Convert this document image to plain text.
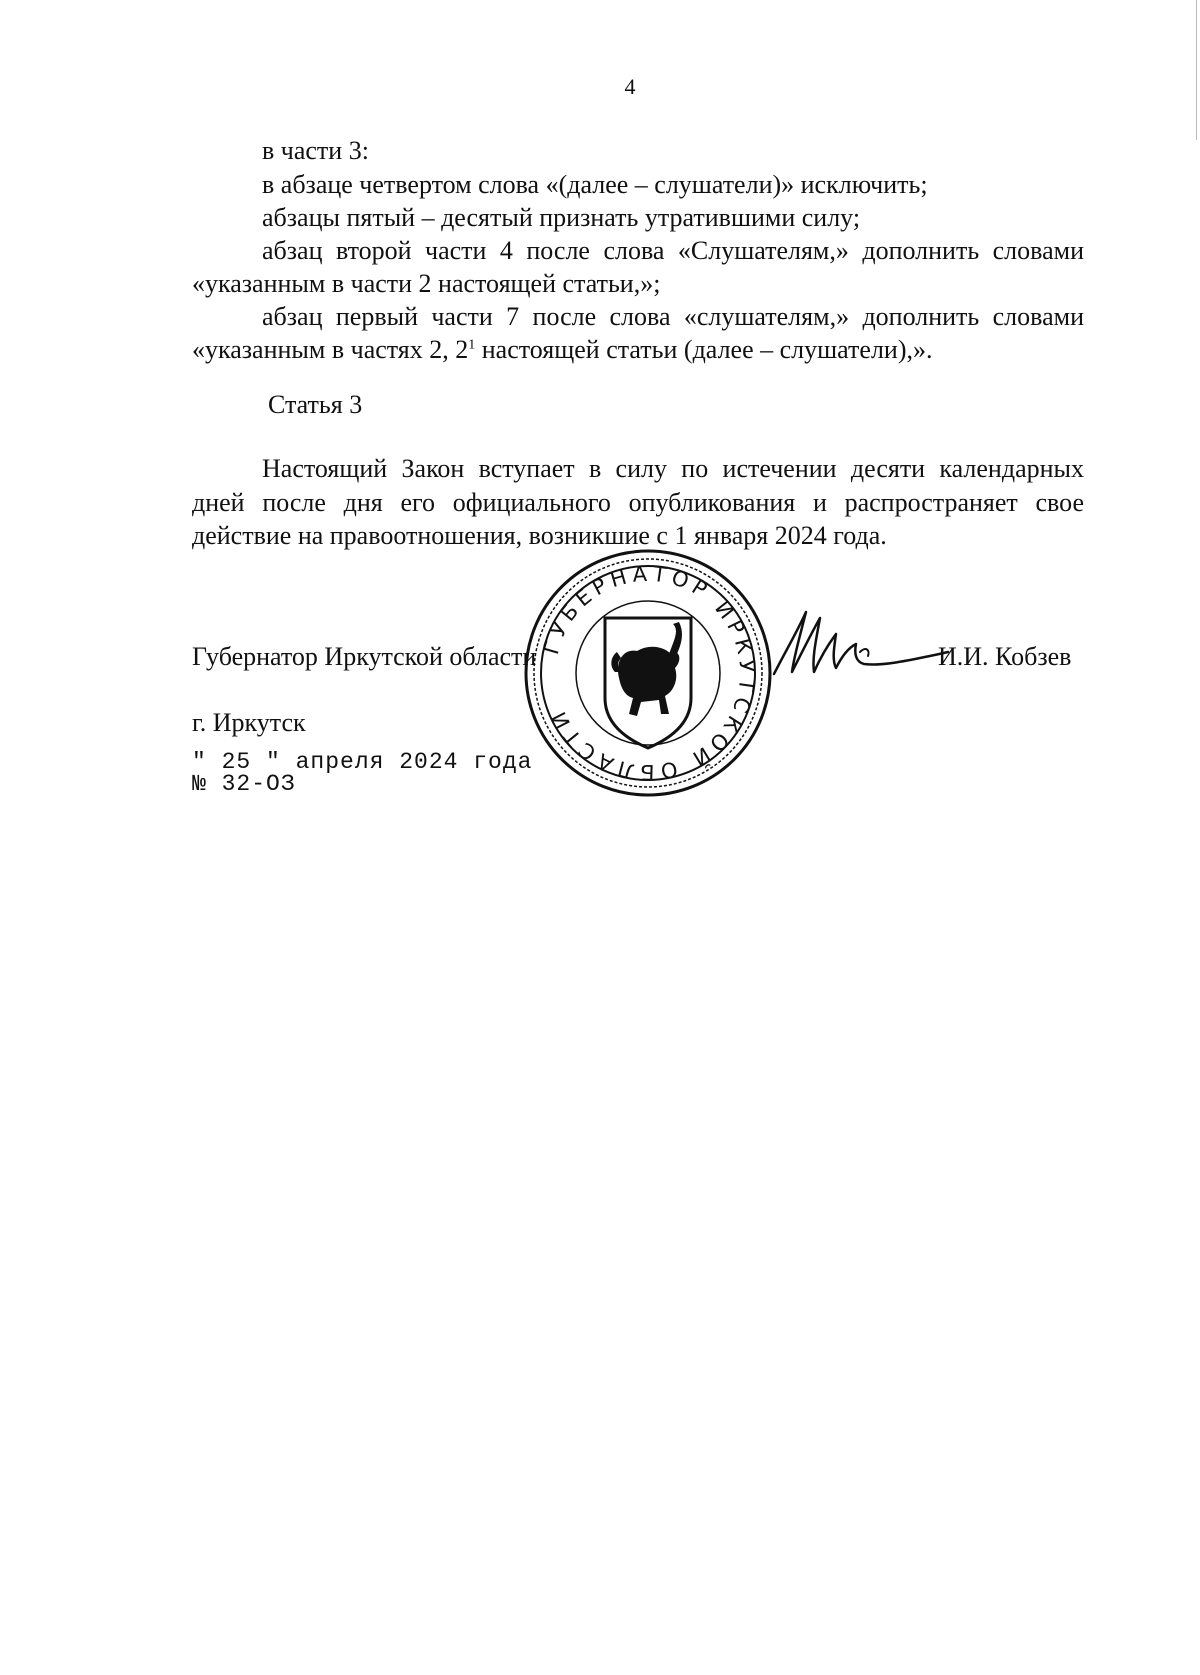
4
в части 3:
в абзаце четвертом слова «(далее – слушатели)» исключить;
абзацы пятый – десятый признать утратившими силу;
абзац второй части 4 после слова «Слушателям,» дополнить словами
«указанным в части 2 настоящей статьи,»;
абзац первый части 7 после слова «слушателям,» дополнить словами
«указанным в частях 2, $2^1$ настоящей статьи (далее – слушатели),».
Статья 3
Настоящий Закон вступает в силу по истечении десяти календарных
дней после дня его официального опубликования и распространяет свое
действие на правоотношения, возникшие с 1 января 2024 года.
Губернатор Иркутской области	И.И. Кобзев
г. Иркутск
" 25 " апреля 2024 года
№ 32-ОЗ
ГУБЕРНАТОР ИРКУТСКОЙ ОБЛАСТИ
